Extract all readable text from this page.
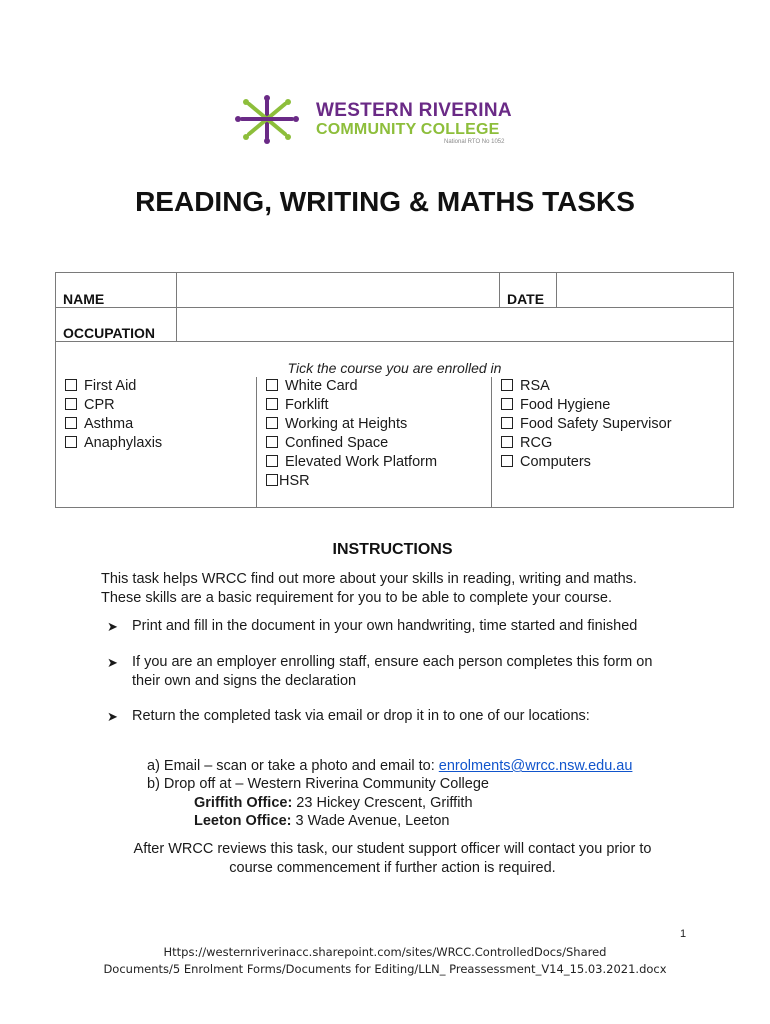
WESTERN RIVERINA
COMMUNITY COLLEGE
National RTO No 1052
READING, WRITING & MATHS TASKS
NAME	DATE
OCCUPATION
Tick the course you are enrolled in
First Aid
CPR
Asthma
Anaphylaxis
White Card
Forklift
Working at Heights
Confined Space
Elevated Work Platform
HSR
RSA
Food Hygiene
Food Safety Supervisor
RCG
Computers
INSTRUCTIONS
This task helps WRCC find out more about your skills in reading, writing and maths.
These skills are a basic requirement for you to be able to complete your course.
➤ Print and fill in the document in your own handwriting, time started and finished
➤ If you are an employer enrolling staff, ensure each person completes this form on their own and signs the declaration
➤ Return the completed task via email or drop it in to one of our locations:
a) Email – scan or take a photo and email to: enrolments@wrcc.nsw.edu.au
b) Drop off at – Western Riverina Community College
Griffith Office: 23 Hickey Crescent, Griffith
Leeton Office: 3 Wade Avenue, Leeton
After WRCC reviews this task, our student support officer will contact you prior to
course commencement if further action is required.
1
Https://westernriverinacc.sharepoint.com/sites/WRCC.ControlledDocs/Shared
Documents/5 Enrolment Forms/Documents for Editing/LLN_ Preassessment_V14_15.03.2021.docx
